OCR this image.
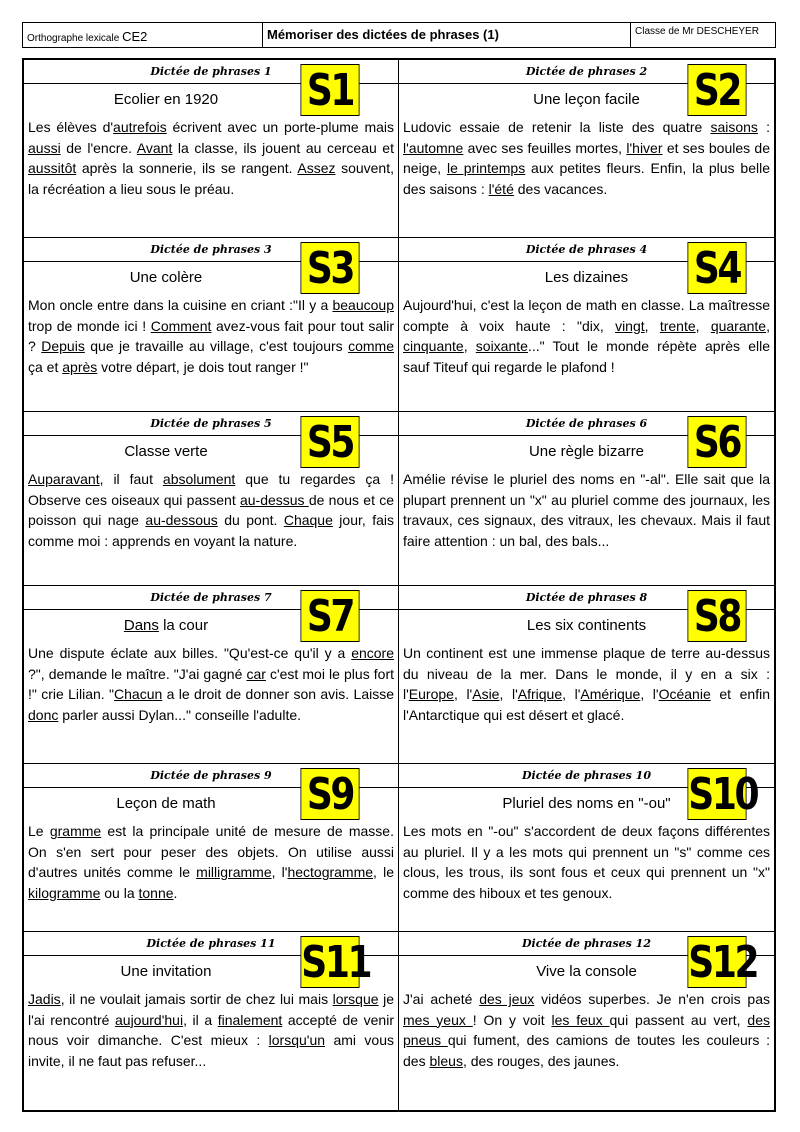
Orthographe lexicale CE2	Mémoriser des dictées de phrases (1)	Classe de Mr DESCHEYER
Dictée de phrases 1 S1
Ecolier en 1920
Les élèves d'autrefois écrivent avec un porte-plume mais aussi de l'encre. Avant la classe, ils jouent au cerceau et aussitôt après la sonnerie, ils se rangent. Assez souvent, la récréation a lieu sous le préau.
Dictée de phrases 2	S2
Une leçon facile
Ludovic essaie de retenir la liste des quatre saisons : l'automne avec ses feuilles mortes, l'hiver et ses boules de neige, le printemps aux petites fleurs. Enfin, la plus belle des saisons : l'été des vacances.
Dictée de phrases 3 S3
Une colère
Mon oncle entre dans la cuisine en criant :"Il y a beaucoup trop de monde ici ! Comment avez-vous fait pour tout salir ? Depuis que je travaille au village, c'est toujours comme ça et après votre départ, je dois tout ranger !"
Dictée de phrases 4	S4
Les dizaines
Aujourd'hui, c'est la leçon de math en classe. La maîtresse compte à voix haute : "dix, vingt, trente, quarante, cinquante, soixante..." Tout le monde répète après elle sauf Titeuf qui regarde le plafond !
Dictée de phrases 5 S5
Classe verte
Auparavant, il faut absolument que tu regardes ça ! Observe ces oiseaux qui passent au-dessus de nous et ce poisson qui nage au-dessous du pont. Chaque jour, fais comme moi : apprends en voyant la nature.
Dictée de phrases 6	S6
Une règle bizarre
Amélie révise le pluriel des noms en "-al". Elle sait que la plupart prennent un "x" au pluriel comme des journaux, les travaux, ces signaux, des vitraux, les chevaux. Mais il faut faire attention : un bal, des bals...
Dictée de phrases 7 S7
Dans la cour
Une dispute éclate aux billes. "Qu'est-ce qu'il y a encore ?", demande le maître. "J'ai gagné car c'est moi le plus fort !" crie Lilian. "Chacun a le droit de donner son avis. Laisse donc parler aussi Dylan..." conseille l'adulte.
Dictée de phrases 8	S8
Les six continents
Un continent est une immense plaque de terre au-dessus du niveau de la mer. Dans le monde, il y en a six : l'Europe, l'Asie, l'Afrique, l'Amérique, l'Océanie et enfin l'Antarctique qui est désert et glacé.
Dictée de phrases 9 S9
Leçon de math
Le gramme est la principale unité de mesure de masse. On s'en sert pour peser des objets. On utilise aussi d'autres unités comme le milligramme, l'hectogramme, le kilogramme ou la tonne.
Dictée de phrases 10 S10
Pluriel des noms en "-ou"
Les mots en "-ou" s'accordent de deux façons différentes au pluriel. Il y a les mots qui prennent un "s" comme ces clous, les trous, ils sont fous et ceux qui prennent un "x" comme des hiboux et tes genoux.
Dictée de phrases 11 S11
Une invitation
Jadis, il ne voulait jamais sortir de chez lui mais lorsque je l'ai rencontré aujourd'hui, il a finalement accepté de venir nous voir dimanche. C'est mieux : lorsqu'un ami vous invite, il ne faut pas refuser...
Dictée de phrases 12 S12
Vive la console
J'ai acheté des jeux vidéos superbes. Je n'en crois pas mes yeux ! On y voit les feux qui passent au vert, des pneus qui fument, des camions de toutes les couleurs : des bleus, des rouges, des jaunes.
